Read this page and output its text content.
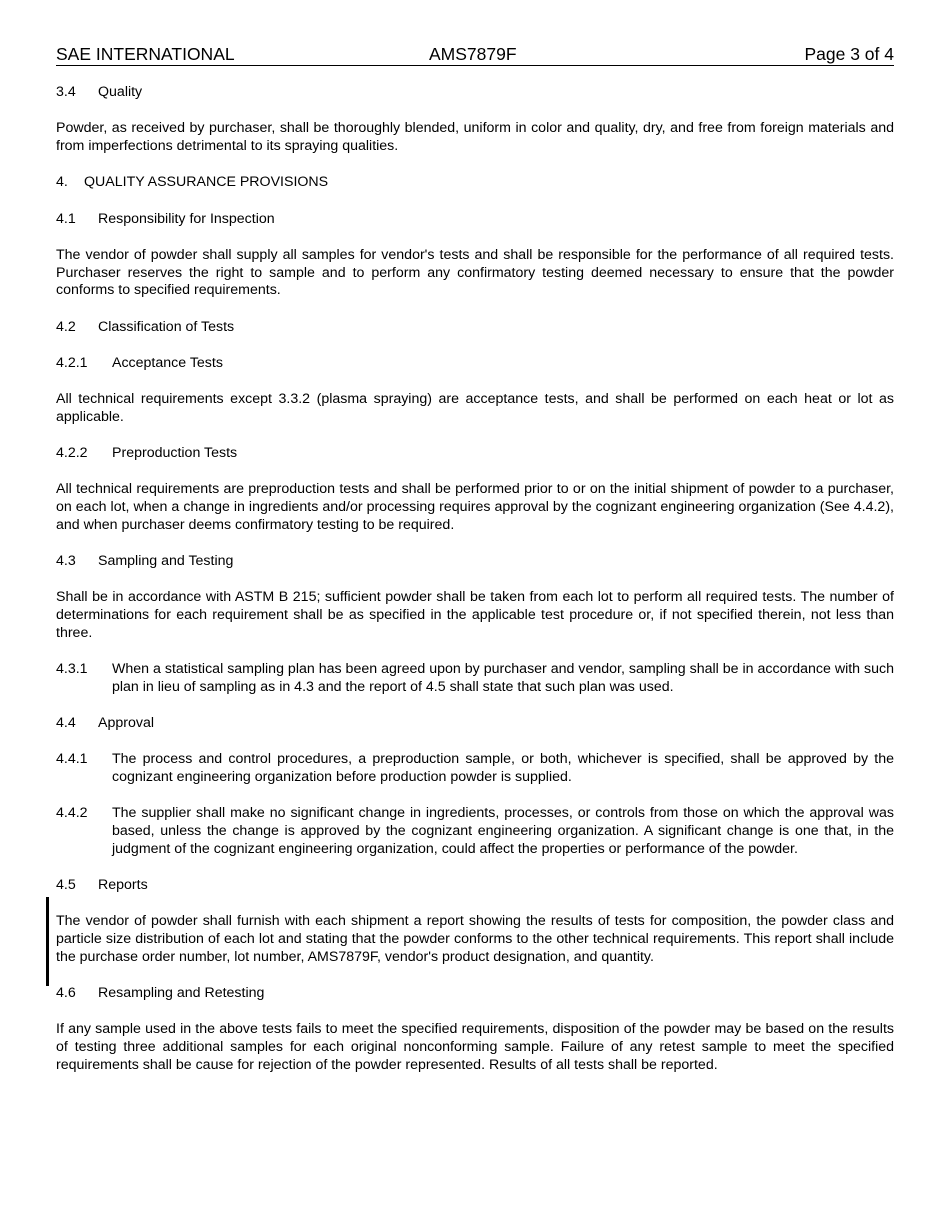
SAE INTERNATIONAL	AMS7879F	Page 3 of 4
3.4 Quality

Powder, as received by purchaser, shall be thoroughly blended, uniform in color and quality, dry, and free from foreign materials and from imperfections detrimental to its spraying qualities.

4. QUALITY ASSURANCE PROVISIONS
4.1 Responsibility for Inspection

The vendor of powder shall supply all samples for vendor's tests and shall be responsible for the performance of all required tests. Purchaser reserves the right to sample and to perform any confirmatory testing deemed necessary to ensure that the powder conforms to specified requirements.

4.2 Classification of Tests
4.2.1 Acceptance Tests

All technical requirements except 3.3.2 (plasma spraying) are acceptance tests, and shall be performed on each heat or lot as applicable.

4.2.2 Preproduction Tests

All technical requirements are preproduction tests and shall be performed prior to or on the initial shipment of powder to a purchaser, on each lot, when a change in ingredients and/or processing requires approval by the cognizant engineering organization (See 4.4.2), and when purchaser deems confirmatory testing to be required.

4.3 Sampling and Testing

Shall be in accordance with ASTM B 215; sufficient powder shall be taken from each lot to perform all required tests. The number of determinations for each requirement shall be as specified in the applicable test procedure or, if not specified therein, not less than three.

4.3.1 When a statistical sampling plan has been agreed upon by purchaser and vendor, sampling shall be in accordance with such plan in lieu of sampling as in 4.3 and the report of 4.5 shall state that such plan was used.
4.4 Approval
4.4.1 The process and control procedures, a preproduction sample, or both, whichever is specified, shall be approved by the cognizant engineering organization before production powder is supplied.
4.4.2 The supplier shall make no significant change in ingredients, processes, or controls from those on which the approval was based, unless the change is approved by the cognizant engineering organization. A significant change is one that, in the judgment of the cognizant engineering organization, could affect the properties or performance of the powder.
4.5 Reports

The vendor of powder shall furnish with each shipment a report showing the results of tests for composition, the powder class and particle size distribution of each lot and stating that the powder conforms to the other technical requirements. This report shall include the purchase order number, lot number, AMS7879F, vendor's product designation, and quantity.

4.6 Resampling and Retesting

If any sample used in the above tests fails to meet the specified requirements, disposition of the powder may be based on the results of testing three additional samples for each original nonconforming sample. Failure of any retest sample to meet the specified requirements shall be cause for rejection of the powder represented. Results of all tests shall be reported.
